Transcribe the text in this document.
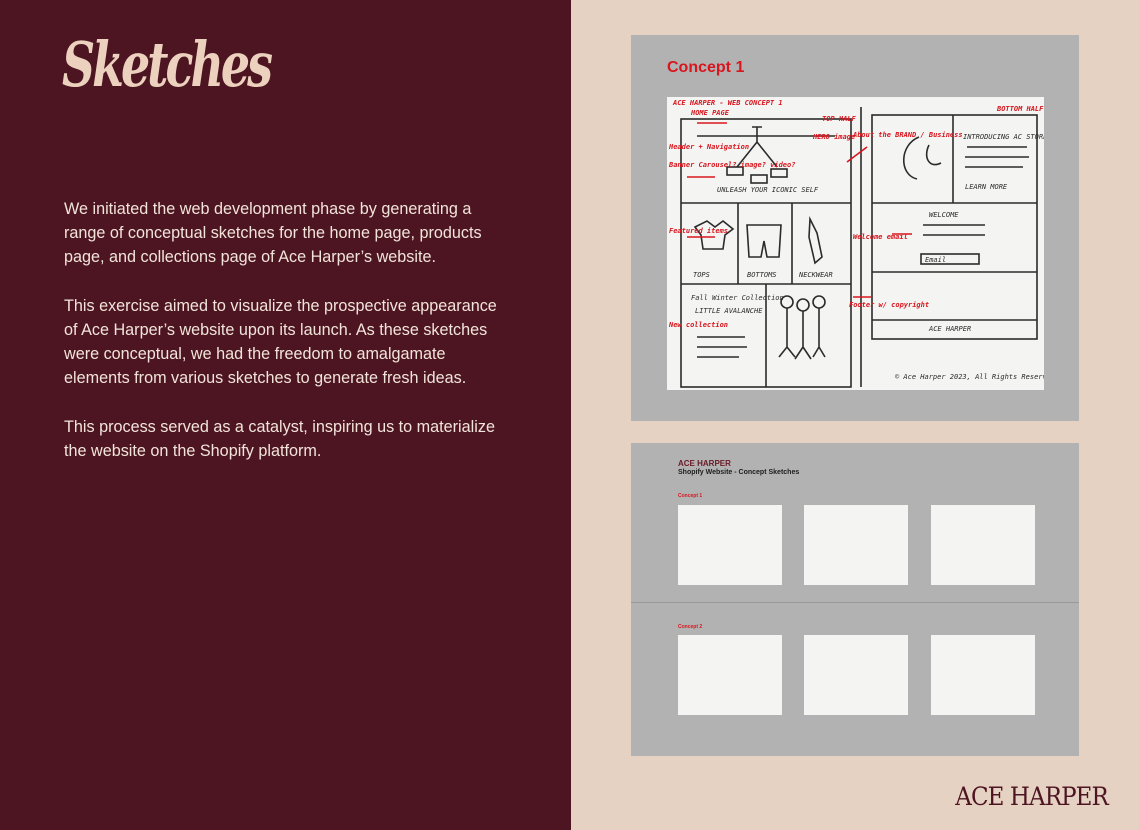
Sketches

We initiated the web development phase by generating a range of conceptual sketches for the home page, products page, and collections page of Ace Harper’s website.

This exercise aimed to visualize the prospective appearance of Ace Harper’s website upon its launch. As these sketches were conceptual, we had the freedom to amalgamate elements from various sketches to generate fresh ideas.

This process served as a catalyst, inspiring us to materialize the website on the Shopify platform.

Concept 1
UNLEASH YOUR ICONIC SELF
TOPS	BOTTOMS	NECKWEAR
Fall Winter Collection
LITTLE AVALANCHE
INTRODUCING AC STORE
LEARN MORE
WELCOME
Email
ACE HARPER
© Ace Harper 2023, All Rights Reserved
ACE HARPER - WEB CONCEPT 1
HOME PAGE
TOP HALF
BOTTOM HALF
Header + Navigation
HERO image
Banner Carousel? image? video?
Featured items
New collection
About the BRAND / Business
Welcome email
Footer w/ copyright
ACE HARPER
Shopify Website - Concept Sketches
Concept 1
Concept 2
ACE HARPER
